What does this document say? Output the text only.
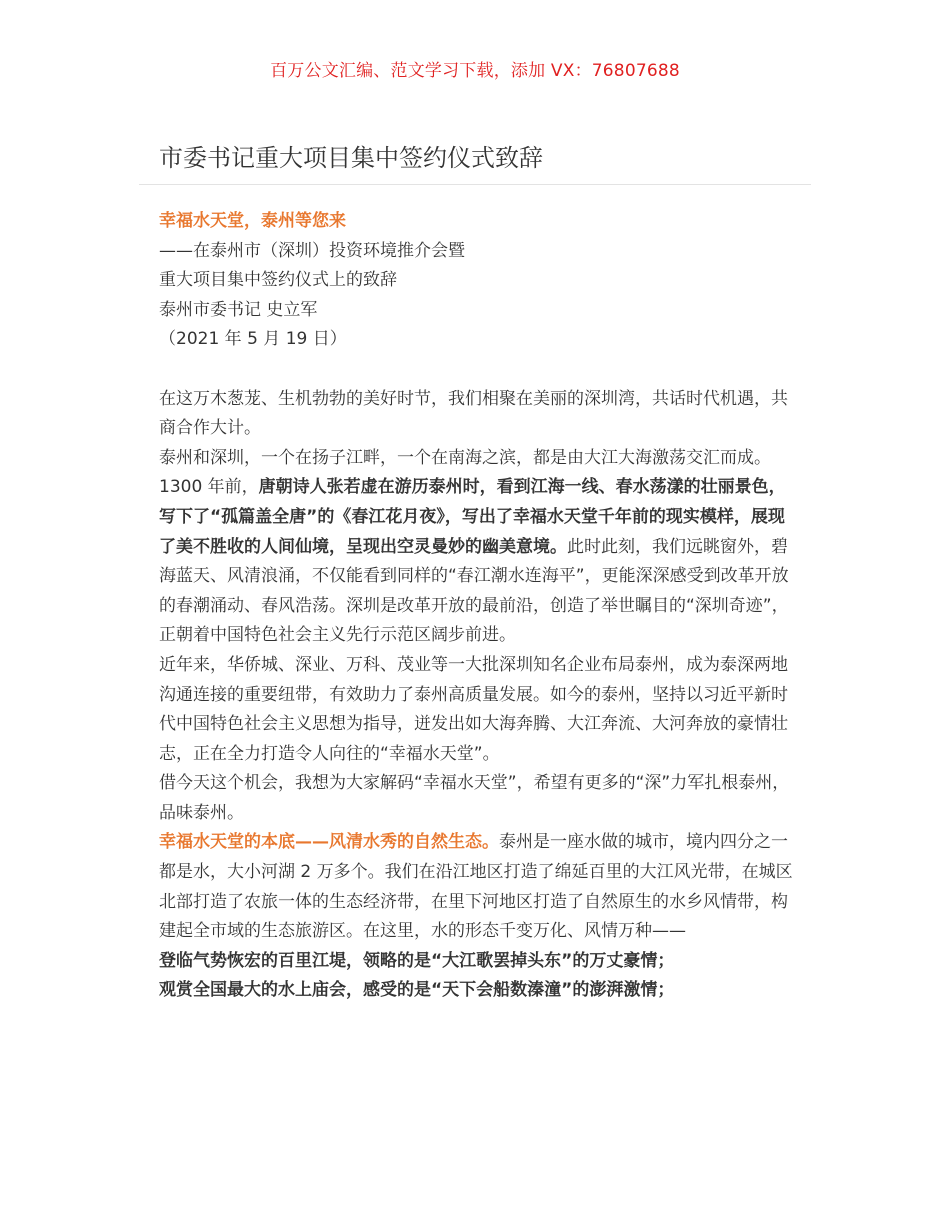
百万公文汇编、范文学习下载，添加 VX：76807688
市委书记重大项目集中签约仪式致辞

幸福水天堂，泰州等您来

——在泰州市（深圳）投资环境推介会暨

重大项目集中签约仪式上的致辞

泰州市委书记 史立军

（2021 年 5 月 19 日）

在这万木葱茏、生机勃勃的美好时节，我们相聚在美丽的深圳湾，共话时代机遇，共商合作大计。

泰州和深圳，一个在扬子江畔，一个在南海之滨，都是由大江大海激荡交汇而成。1300 年前，唐朝诗人张若虚在游历泰州时，看到江海一线、春水荡漾的壮丽景色，写下了“孤篇盖全唐”的《春江花月夜》，写出了幸福水天堂千年前的现实模样，展现了美不胜收的人间仙境，呈现出空灵曼妙的幽美意境。此时此刻，我们远眺窗外，碧海蓝天、风清浪涌，不仅能看到同样的“春江潮水连海平”，更能深深感受到改革开放的春潮涌动、春风浩荡。深圳是改革开放的最前沿，创造了举世瞩目的“深圳奇迹”，正朝着中国特色社会主义先行示范区阔步前进。

近年来，华侨城、深业、万科、茂业等一大批深圳知名企业布局泰州，成为泰深两地沟通连接的重要纽带，有效助力了泰州高质量发展。如今的泰州，坚持以习近平新时代中国特色社会主义思想为指导，迸发出如大海奔腾、大江奔流、大河奔放的豪情壮志，正在全力打造令人向往的“幸福水天堂”。

借今天这个机会，我想为大家解码“幸福水天堂”，希望有更多的“深”力军扎根泰州，品味泰州。

幸福水天堂的本底——风清水秀的自然生态。泰州是一座水做的城市，境内四分之一都是水，大小河湖 2 万多个。我们在沿江地区打造了绵延百里的大江风光带，在城区北部打造了农旅一体的生态经济带，在里下河地区打造了自然原生的水乡风情带，构建起全市域的生态旅游区。在这里，水的形态千变万化、风情万种——

登临气势恢宏的百里江堤，领略的是“大江歌罢掉头东”的万丈豪情；

观赏全国最大的水上庙会，感受的是“天下会船数溱潼”的澎湃激情；
